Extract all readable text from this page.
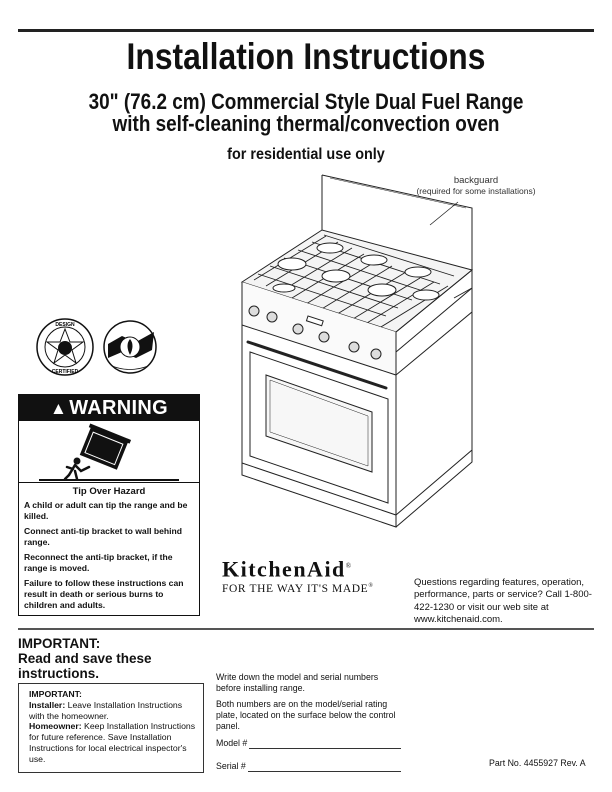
Installation Instructions
30" (76.2 cm) Commercial Style Dual Fuel Range
with self-cleaning thermal/convection oven
for residential use only
backguard
(required for some installations)
DESIGN
CERTIFIED
▲ WARNING
Tip Over Hazard

A child or adult can tip the range and be killed.

Connect anti-tip bracket to wall behind range.

Reconnect the anti-tip bracket, if the range is moved.

Failure to follow these instructions can result in death or serious burns to children and adults.

KitchenAid®
FOR THE WAY IT'S MADE®	Questions regarding features, operation, performance, parts or service? Call 1-800-422-1230 or visit our web site at www.kitchenaid.com.
IMPORTANT:
Read and save these
instructions.
IMPORTANT:
Installer: Leave Installation Instructions with the homeowner.
Homeowner: Keep Installation Instructions for future reference. Save Installation Instructions for local electrical inspector's use.

Write down the model and serial numbers before installing range.

Both numbers are on the model/serial rating plate, located on the surface below the control panel.

Model #
Serial #	Part No. 4455927 Rev. A
